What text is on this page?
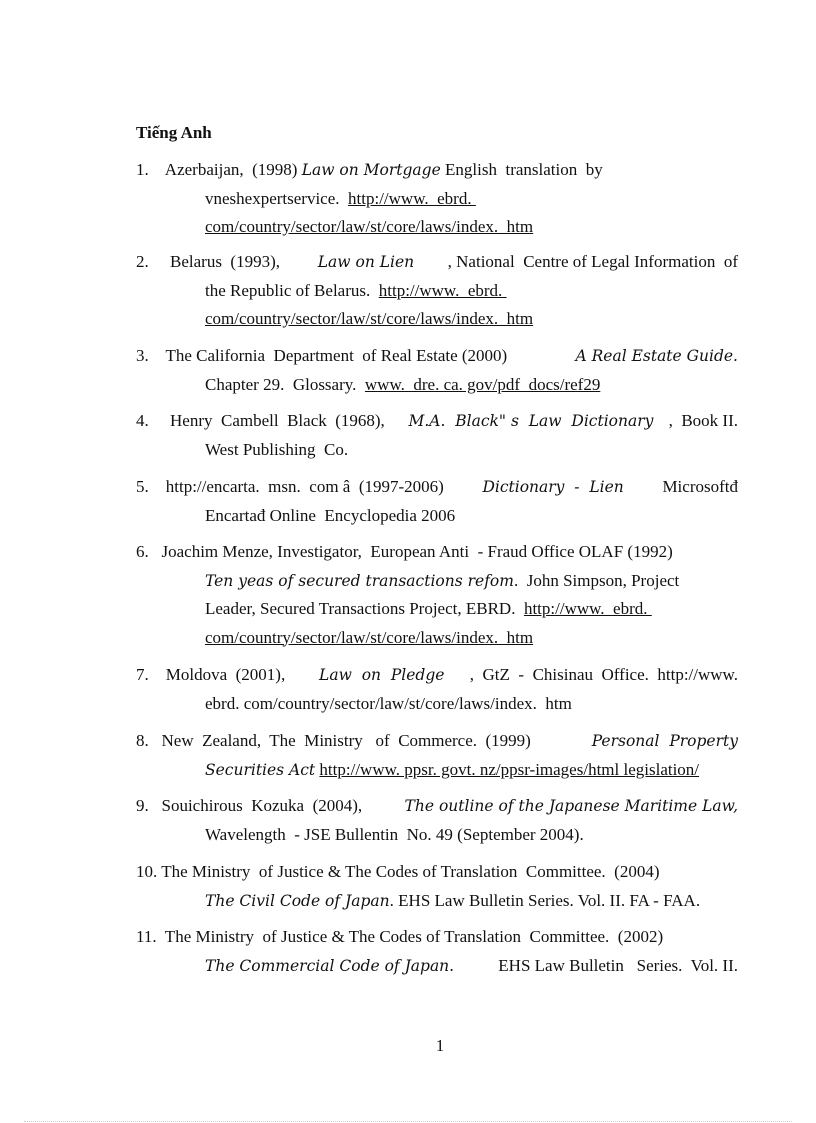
Tiếng Anh
1.    Azerbaijan,  (1998) Law on Mortgage English  translation  by
vneshexpertservice. http://www.  ebrd.
com/country/sector/law/st/core/laws/index.  htm
2.     Belarus  (1993), Law on Lien , National  Centre of Legal Information  of
the Republic of Belarus. http://www.  ebrd.
com/country/sector/law/st/core/laws/index.  htm
3.    The California  Department  of Real Estate (2000)	A Real Estate Guide.
Chapter 29.  Glossary. www.  dre. ca. gov/pdf_docs/ref29
4.     Henry  Cambell  Black  (1968), M.A.  Black" s  Law  Dictionary ,  Book II.
West Publishing  Co.
5.    http://encarta.  msn.  com â  (1997-2006) Dictionary  -  Lien Microsoftđ
Encartađ Online  Encyclopedia 2006
6.   Joachim Menze, Investigator,  European Anti  - Fraud Office OLAF (1992)
Ten yeas of secured transactions refom .  John Simpson, Project
Leader, Secured Transactions Project, EBRD. http://www.  ebrd.
com/country/sector/law/st/core/laws/index.  htm
7.    Moldova  (2001), Law  on  Pledge ,  GtZ  -  Chisinau  Office.  http://www.
ebrd. com/country/sector/law/st/core/laws/index.  htm
8.   New  Zealand,  The  Ministry   of  Commerce.  (1999)	Personal  Property
Securities Act
http://www. ppsr. govt. nz/ppsr-images/html legislation/
9.   Souichirous  Kozuka  (2004), The outline of the Japanese Maritime Law,
Wavelength  - JSE Bullentin  No. 49 (September 2004).
10. The Ministry  of Justice & The Codes of Translation  Committee.  (2004)
The Civil Code of Japan . EHS Law Bulletin Series. Vol. II. FA - FAA.
11.  The Ministry  of Justice & The Codes of Translation  Committee.  (2002)
The Commercial Code of Japan. EHS Law Bulletin   Series.  Vol. II.
1
